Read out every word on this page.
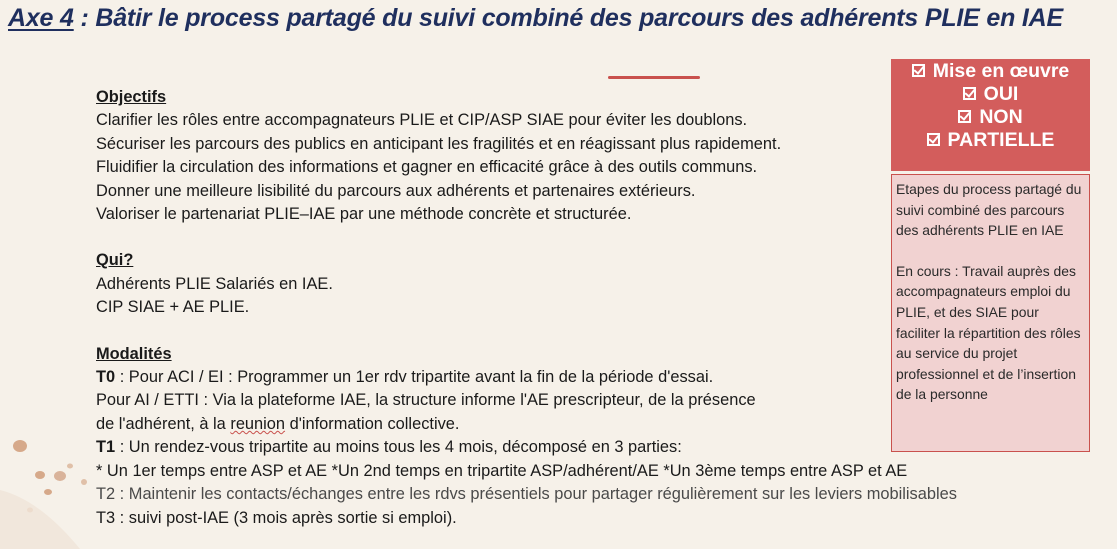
Axe 4 : Bâtir le process partagé du suivi combiné des parcours des adhérents PLIE en IAE
Objectifs
Clarifier les rôles entre accompagnateurs PLIE et CIP/ASP SIAE pour éviter les doublons.
Sécuriser les parcours des publics en anticipant les fragilités et en réagissant plus rapidement.
Fluidifier la circulation des informations et gagner en efficacité grâce à des outils communs.
Donner une meilleure lisibilité du parcours aux adhérents et partenaires extérieurs.
Valoriser le partenariat PLIE–IAE par une méthode concrète et structurée.
Qui?
Adhérents PLIE Salariés en IAE.
CIP SIAE + AE PLIE.
Modalités
T0 : Pour ACI / EI : Programmer un 1er rdv tripartite avant la fin de la période d'essai.
Pour AI / ETTI : Via la plateforme IAE, la structure informe l'AE prescripteur, de la présence
de l'adhérent, à la reunion d'information collective.
T1 : Un rendez-vous tripartite au moins tous les 4 mois, décomposé en 3 parties:
* Un 1er temps entre ASP et AE *Un 2nd temps en tripartite ASP/adhérent/AE *Un 3ème temps entre ASP et AE
T2 : Maintenir les contacts/échanges entre les rdvs présentiels pour partager régulièrement sur les leviers mobilisables
T3 : suivi post-IAE (3 mois après sortie si emploi).
Mise en œuvre
OUI
NON
PARTIELLE

Etapes du process partagé du suivi combiné des parcours des adhérents PLIE en IAE

En cours : Travail auprès des accompagnateurs emploi du PLIE, et des SIAE pour faciliter la répartition des rôles au service du projet professionnel et de l’insertion de la personne
